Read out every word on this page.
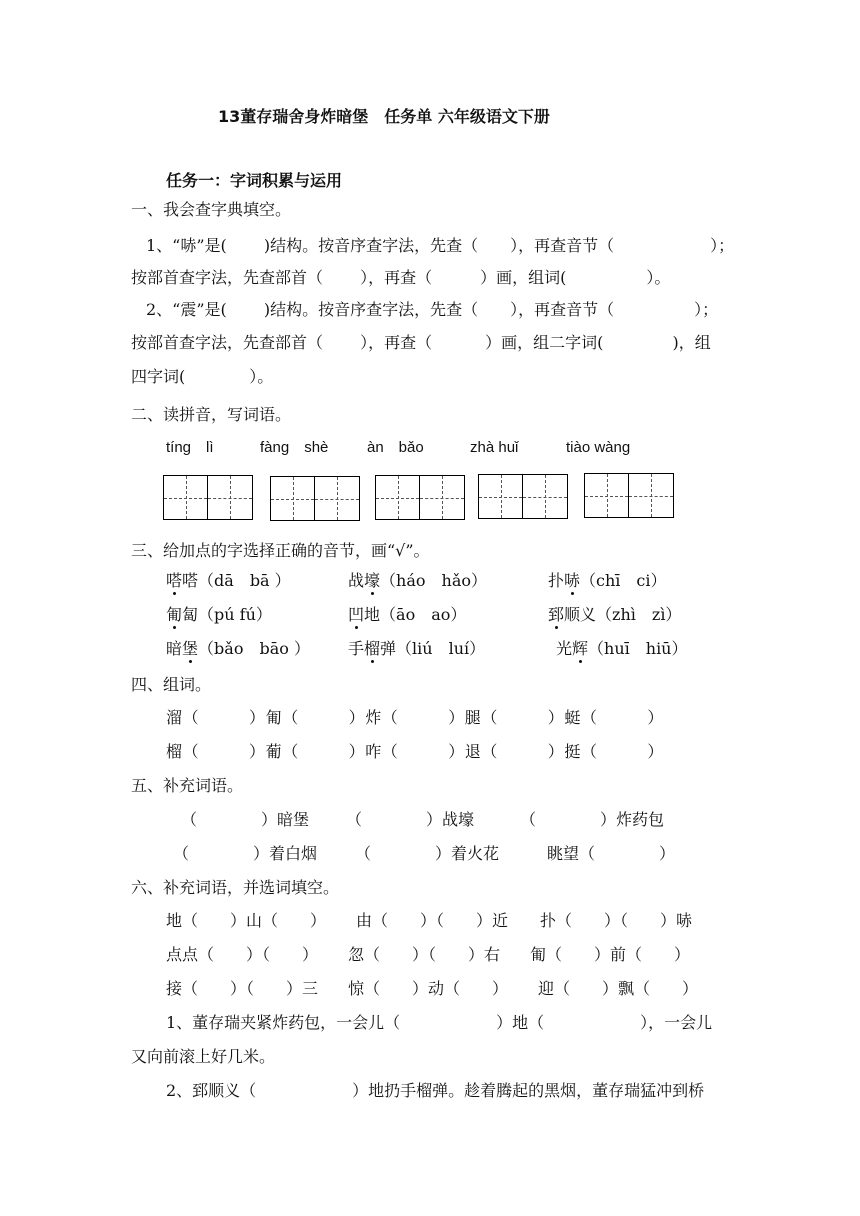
13董存瑞舍身炸暗堡　任务单 六年级语文下册
任务一：字词积累与运用
一、我会查字典填空。
1、“哧”是(　　 )结构。按音序查字法，先查（　　），再查音节（　　　　　　）；
按部首查字法，先查部首（　　 ），再查（　　　）画，组词(　　　　　）。
2、“震”是(　　 )结构。按音序查字法，先查（　　），再查音节（　　　　　）；
按部首查字法，先查部首（　　 ），再查（　　 　）画，组二字词(　　　　 )，组
四字词(　　　　）。
二、读拼音，写词语。
tíng　lì	fàng　shè	àn　bǎo	zhà huǐ	tiào wàng
三、给加点的字选择正确的音节，画“√”。
嗒嗒（dā　bā ）	战壕（háo　hǎo）	扑哧（chī　ci）
匍匐（pú fú）	凹地（āo　ao）	郅顺义（zhì　zì）
暗堡（bǎo　bāo ） 手榴弹（liú　luí）	光辉（huī　hiū）
四、组词。
溜（　　　）匍（　　　）炸（　　　）腿（　　　）蜓（　　　）
榴（　　　）葡（　　　）咋（　　　）退（　　　）挺（　　　）
五、补充词语。
（　　　　）暗堡 （　　　　）战壕	（　　　　）炸药包
（　　　　）着白烟 （　　　　）着火花	眺望（　　　　）
六、补充词语，并选词填空。
地（　　）山（　　） 由（　　）（　　）近 扑（　　）（　　）哧
点点（　　）（　　） 忽（　　）（　　）右 匍（　　）前（　　）
接（　　）（　　）三 惊（　　）动（　　） 迎（　　）飘（　　）
1、董存瑞夹紧炸药包，一会儿（　　　　　　）地（　　　　　　），一会儿
又向前滚上好几米。
2、郅顺义（　　　　　　）地扔手榴弹。趁着腾起的黑烟，董存瑞猛冲到桥
